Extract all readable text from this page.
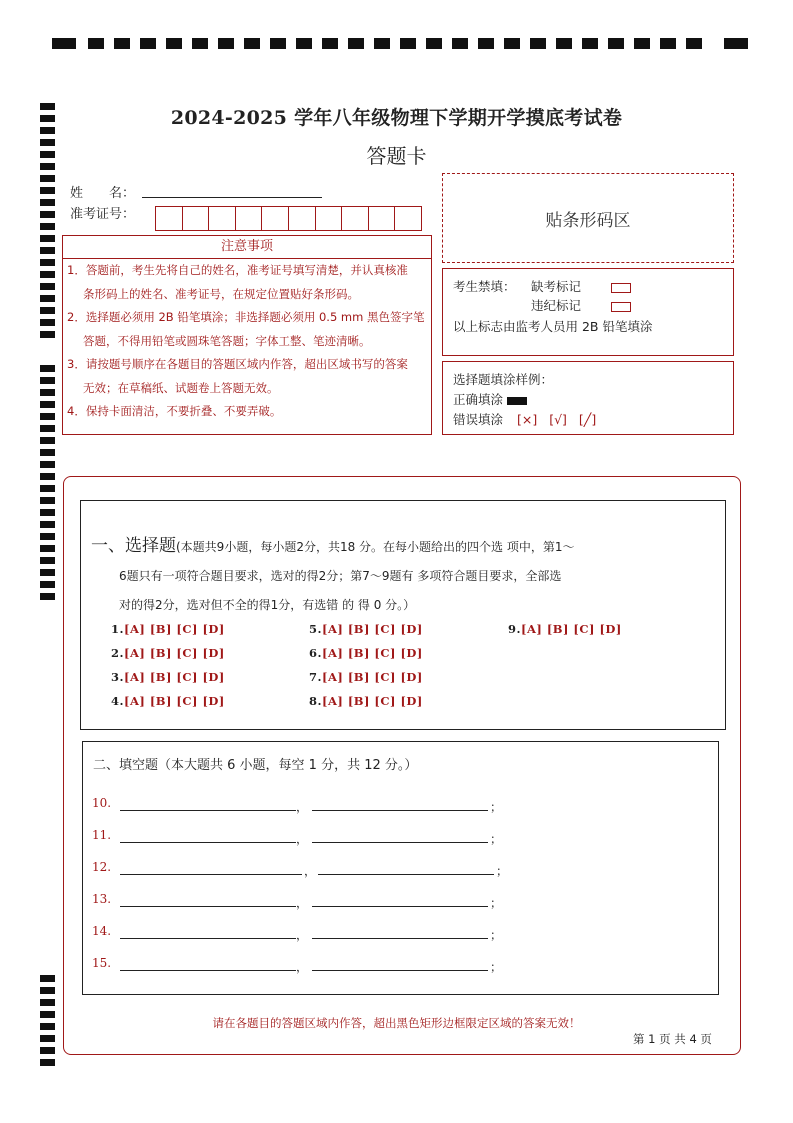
2024-2025 学年八年级物理下学期开学摸底考试卷
答题卡
姓　　名：
准考证号：	贴条形码区
注意事项

1．答题前，考生先将自己的姓名，准考证号填写清楚，并认真核准

条形码上的姓名、准考证号，在规定位置贴好条形码。

2．选择题必须用 2B 铅笔填涂；非选择题必须用 0.5 mm 黑色签字笔

答题，不得用铅笔或圆珠笔答题；字体工整、笔迹清晰。

3．请按题号顺序在各题目的答题区域内作答，超出区域书写的答案

无效；在草稿纸、试题卷上答题无效。

4．保持卡面清洁，不要折叠、不要弄破。

考生禁填： 缺考标记
违纪标记
以上标志由监考人员用 2B 铅笔填涂
选择题填涂样例：
正确填涂
错误填涂 [×] [√] [╱]
一、选择题(本题共9小题，每小题2分，共18 分。在每小题给出的四个选 项中，第1～
6题只有一项符合题目要求，选对的得2分；第7～9题有 多项符合题目要求，全部选
对的得2分，选对但不全的得1分，有选错 的 得 0 分。）
1.[A] [B] [C] [D]
2.[A] [B] [C] [D]
3.[A] [B] [C] [D]
4.[A] [B] [C] [D]
5.[A] [B] [C] [D]
6.[A] [B] [C] [D]
7.[A] [B] [C] [D]
8.[A] [B] [C] [D]
9.[A] [B] [C] [D]
二、填空题（本大题共 6 小题，每空 1 分，共 12 分。）
10.	，	；
11.	，	；
12.	，	；
13.	，	；
14.	，	；
15.	，	；
请在各题目的答题区域内作答，超出黑色矩形边框限定区域的答案无效！
第 1 页 共 4 页
